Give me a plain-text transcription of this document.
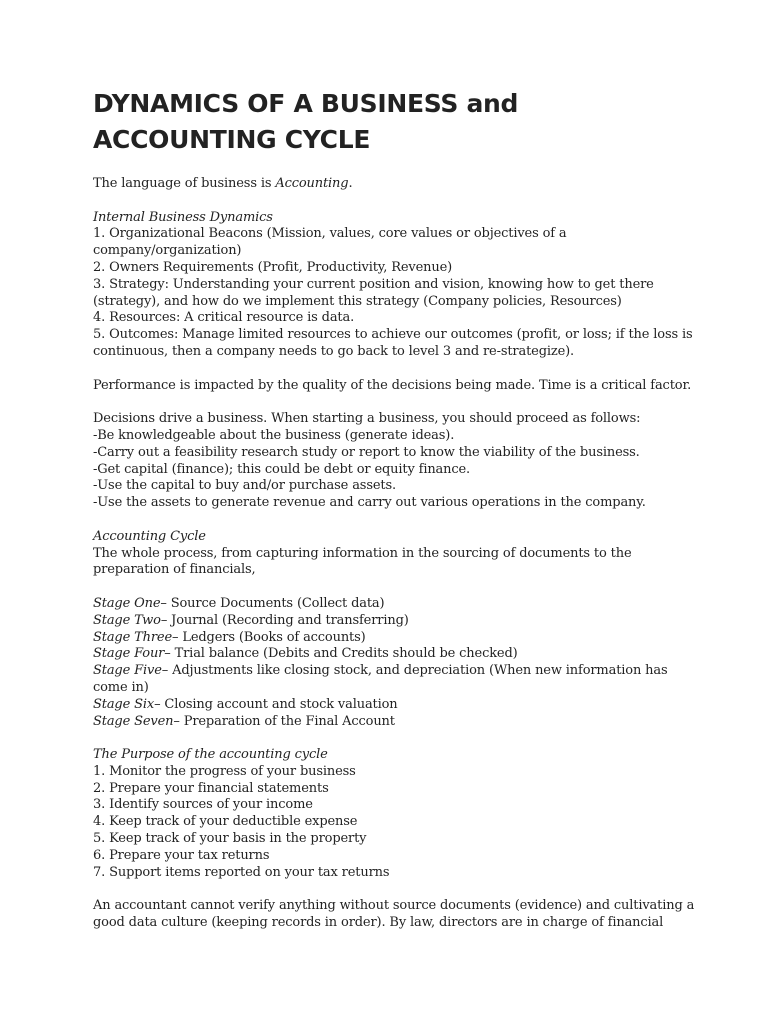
DYNAMICS OF A BUSINESS and
ACCOUNTING CYCLE
The language of business is Accounting.
Internal Business Dynamics
1. Organizational Beacons (Mission, values, core values or objectives of a
company/organization)
2. Owners Requirements (Profit, Productivity, Revenue)
3. Strategy: Understanding your current position and vision, knowing how to get there
(strategy), and how do we implement this strategy (Company policies, Resources)
4. Resources: A critical resource is data.
5. Outcomes: Manage limited resources to achieve our outcomes (profit, or loss; if the loss is
continuous, then a company needs to go back to level 3 and re-strategize).
Performance is impacted by the quality of the decisions being made. Time is a critical factor.
Decisions drive a business. When starting a business, you should proceed as follows:
-Be knowledgeable about the business (generate ideas).
-Carry out a feasibility research study or report to know the viability of the business.
-Get capital (finance); this could be debt or equity finance.
-Use the capital to buy and/or purchase assets.
-Use the assets to generate revenue and carry out various operations in the company.
Accounting Cycle
The whole process, from capturing information in the sourcing of documents to the
preparation of financials,
Stage One– Source Documents (Collect data)
Stage Two– Journal (Recording and transferring)
Stage Three– Ledgers (Books of accounts)
Stage Four– Trial balance (Debits and Credits should be checked)
Stage Five– Adjustments like closing stock, and depreciation (When new information has
come in)
Stage Six– Closing account and stock valuation
Stage Seven– Preparation of the Final Account
The Purpose of the accounting cycle
1. Monitor the progress of your business
2. Prepare your financial statements
3. Identify sources of your income
4. Keep track of your deductible expense
5. Keep track of your basis in the property
6. Prepare your tax returns
7. Support items reported on your tax returns
An accountant cannot verify anything without source documents (evidence) and cultivating a
good data culture (keeping records in order). By law, directors are in charge of financial
